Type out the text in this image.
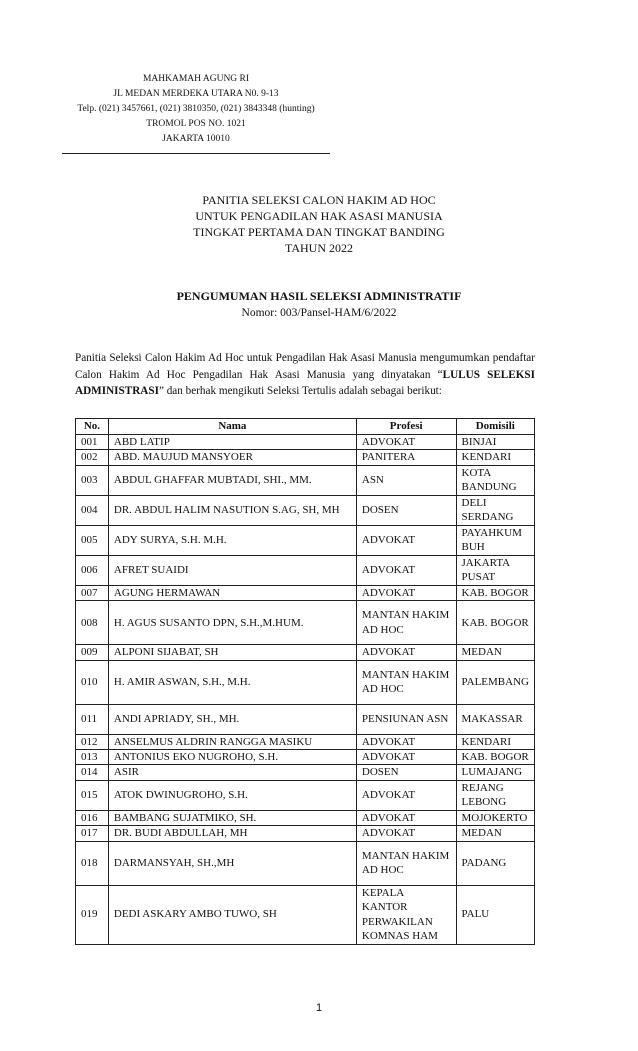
MAHKAMAH AGUNG RI
JL MEDAN MERDEKA UTARA N0. 9-13
Telp. (021) 3457661, (021) 3810350, (021) 3843348 (hunting)
TROMOL POS NO. 1021
JAKARTA 10010
PANITIA SELEKSI CALON HAKIM AD HOC
UNTUK PENGADILAN HAK ASASI MANUSIA
TINGKAT PERTAMA DAN TINGKAT BANDING
TAHUN 2022
PENGUMUMAN HASIL SELEKSI ADMINISTRATIF
Nomor: 003/Pansel-HAM/6/2022
Panitia Seleksi Calon Hakim Ad Hoc untuk Pengadilan Hak Asasi Manusia mengumumkan pendaftar Calon Hakim Ad Hoc Pengadilan Hak Asasi Manusia yang dinyatakan “LULUS SELEKSI ADMINISTRASI” dan berhak mengikuti Seleksi Tertulis adalah sebagai berikut:
No.	Nama	Profesi	Domisili
001	ABD LATIP	ADVOKAT	BINJAI
002	ABD. MAUJUD MANSYOER	PANITERA	KENDARI
003	ABDUL GHAFFAR MUBTADI, SHI., MM.	ASN	KOTA BANDUNG
004	DR. ABDUL HALIM NASUTION S.AG, SH, MH	DOSEN	DELI SERDANG
005	ADY SURYA, S.H. M.H.	ADVOKAT	PAYAHKUMBUH
006	AFRET SUAIDI	ADVOKAT	JAKARTA PUSAT
007	AGUNG HERMAWAN	ADVOKAT	KAB. BOGOR
008	H. AGUS SUSANTO DPN, S.H.,M.HUM.	MANTAN HAKIM AD HOC	KAB. BOGOR
009	ALPONI SIJABAT, SH	ADVOKAT	MEDAN
010	H. AMIR ASWAN, S.H., M.H.	MANTAN HAKIM AD HOC	PALEMBANG
011	ANDI APRIADY, SH., MH.	PENSIUNAN ASN	MAKASSAR
012	ANSELMUS ALDRIN RANGGA MASIKU	ADVOKAT	KENDARI
013	ANTONIUS EKO NUGROHO, S.H.	ADVOKAT	KAB. BOGOR
014	ASIR	DOSEN	LUMAJANG
015	ATOK DWINUGROHO, S.H.	ADVOKAT	REJANG LEBONG
016	BAMBANG SUJATMIKO, SH.	ADVOKAT	MOJOKERTO
017	DR. BUDI ABDULLAH, MH	ADVOKAT	MEDAN
018	DARMANSYAH, SH.,MH	MANTAN HAKIM AD HOC	PADANG
019	DEDI ASKARY AMBO TUWO, SH	KEPALA KANTOR PERWAKILAN KOMNAS HAM	PALU
1
